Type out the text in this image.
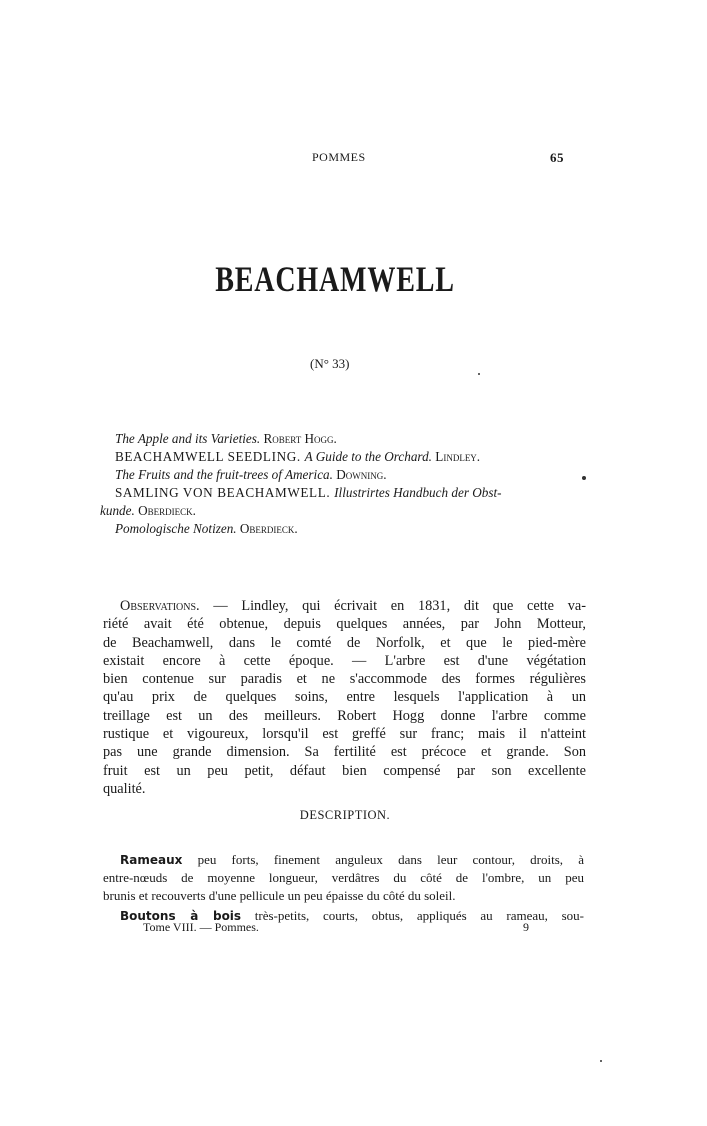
POMMES	65
BEACHAMWELL
(N° 33)
The Apple and its Varieties. Robert Hogg.
BEACHAMWELL SEEDLING. A Guide to the Orchard. Lindley.
The Fruits and the fruit-trees of America. Downing.
SAMLING VON BEACHAMWELL. Illustrirtes Handbuch der Obst-
kunde. Oberdieck.
Pomologische Notizen. Oberdieck.
Observations. — Lindley, qui écrivait en 1831, dit que cette va-
riété avait été obtenue, depuis quelques années, par John Motteur,
de Beachamwell, dans le comté de Norfolk, et que le pied-mère
existait encore à cette époque. — L'arbre est d'une végétation
bien contenue sur paradis et ne s'accommode des formes régulières
qu'au prix de quelques soins, entre lesquels l'application à un
treillage est un des meilleurs. Robert Hogg donne l'arbre comme
rustique et vigoureux, lorsqu'il est greffé sur franc; mais il n'atteint
pas une grande dimension. Sa fertilité est précoce et grande. Son
fruit est un peu petit, défaut bien compensé par son excellente
qualité.
DESCRIPTION.
Rameaux peu forts, finement anguleux dans leur contour, droits, à
entre-nœuds de moyenne longueur, verdâtres du côté de l'ombre, un peu
brunis et recouverts d'une pellicule un peu épaisse du côté du soleil.
Boutons à bois très-petits, courts, obtus, appliqués au rameau, sou-
Tome VIII. — Pommes.	9
